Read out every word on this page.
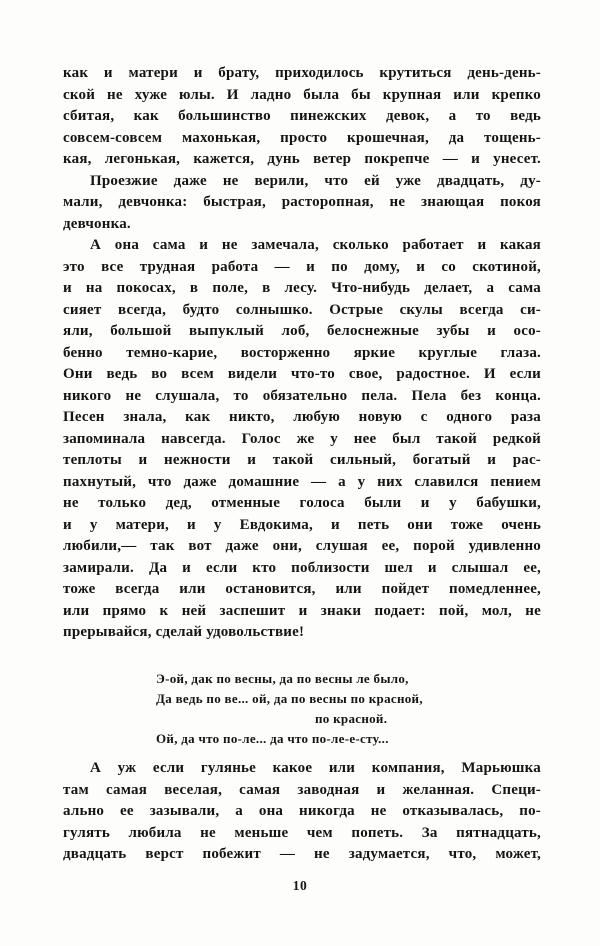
как и матери и брату, приходилось крутиться день-день-
ской не хуже юлы. И ладно была бы крупная или крепко
сбитая, как большинство пинежских девок, а то ведь
совсем-совсем махонькая, просто крошечная, да тощень-
кая, легонькая, кажется, дунь ветер покрепче — и унесет.
Проезжие даже не верили, что ей уже двадцать, ду-
мали, девчонка: быстрая, расторопная, не знающая покоя
девчонка.
А она сама и не замечала, сколько работает и какая
это все трудная работа — и по дому, и со скотиной,
и на покосах, в поле, в лесу. Что-нибудь делает, а сама
сияет всегда, будто солнышко. Острые скулы всегда си-
яли, большой выпуклый лоб, белоснежные зубы и осо-
бенно темно-карие, восторженно яркие круглые глаза.
Они ведь во всем видели что-то свое, радостное. И если
никого не слушала, то обязательно пела. Пела без конца.
Песен знала, как никто, любую новую с одного раза
запоминала навсегда. Голос же у нее был такой редкой
теплоты и нежности и такой сильный, богатый и рас-
пахнутый, что даже домашние — а у них славился пением
не только дед, отменные голоса были и у бабушки,
и у матери, и у Евдокима, и петь они тоже очень
любили,— так вот даже они, слушая ее, порой удивленно
замирали. Да и если кто поблизости шел и слышал ее,
тоже всегда или остановится, или пойдет помедленнее,
или прямо к ней заспешит и знаки подает: пой, мол, не
прерывайся, сделай удовольствие!
Э-ой, дак по весны, да по весны ле было,
Да ведь по ве... ой, да по весны по красной,
по красной.
Ой, да что по-ле... да что по-ле-е-сту...
А уж если гулянье какое или компания, Марьюшка
там самая веселая, самая заводная и желанная. Специ-
ально ее зазывали, а она никогда не отказывалась, по-
гулять любила не меньше чем попеть. За пятнадцать,
двадцать верст побежит — не задумается, что, может,
10
